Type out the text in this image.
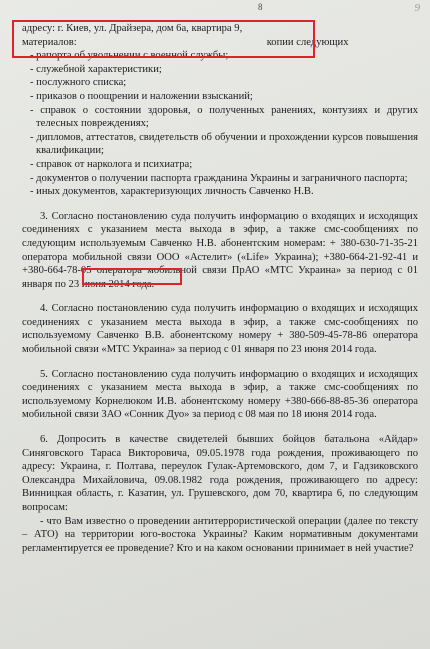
8	9

адресу: г. Киев, ул. Драйзера, дом 6а, квартира 9,

материалов:	копии следующих

- рапорта об увольнении с военной службы;

- служебной характеристики;

- послужного списка;

- приказов о поощрении и наложении взысканий;

- справок о состоянии здоровья, о полученных ранениях, контузиях и других телесных повреждениях;

- дипломов, аттестатов, свидетельств об обучении и прохождении курсов повышения квалификации;

- справок от нарколога и психиатра;

- документов о получении паспорта гражданина Украины и заграничного паспорта;

- иных документов, характеризующих личность Савченко Н.В.

3. Согласно постановлению суда получить информацию о входящих и исходящих соединениях с указанием места выхода в эфир, а также смс-сообщениях по следующим используемым Савченко Н.В. абонентским номерам: + 380-630-71-35-21 оператора мобильной связи ООО «Астелит» («Life» Украина); +380-664-21-92-41 и +380-664-78-05 оператора мобильной связи ПрАО «МТС Украина» за период с 01 января по 23 июня 2014 года.

4. Согласно постановлению суда получить информацию о входящих и исходящих соединениях с указанием места выхода в эфир, а также смс-сообщениях по используемому Савченко В.В. абонентскому номеру + 380-509-45-78-86 оператора мобильной связи «МТС Украина» за период с 01 января по 23 июня 2014 года.

5. Согласно постановлению суда получить информацию о входящих и исходящих соединениях с указанием места выхода в эфир, а также смс-сообщениях по используемому Корнелюком И.В. абонентскому номеру +380-666-88-85-36 оператора мобильной связи ЗАО «Сонник Дуо» за период с 08 мая по 18 июня 2014 года.

6. Допросить в качестве свидетелей бывших бойцов батальона «Айдар» Синяговского Тараса Викторовича, 09.05.1978 года рождения, проживающего по адресу: Украина, г. Полтава, переулок Гулак-Артемовского, дом 7, и Гадзиковского Олександра Михайловича, 09.08.1982 года рождения, проживающего по адресу: Винницкая область, г. Казатин, ул. Грушевского, дом 70, квартира 6, по следующим вопросам:

- что Вам известно о проведении антитеррористической операции (далее по тексту – АТО) на территории юго-востока Украины? Каким нормативным документами регламентируется ее проведение? Кто и на каком основании принимает в ней участие?
